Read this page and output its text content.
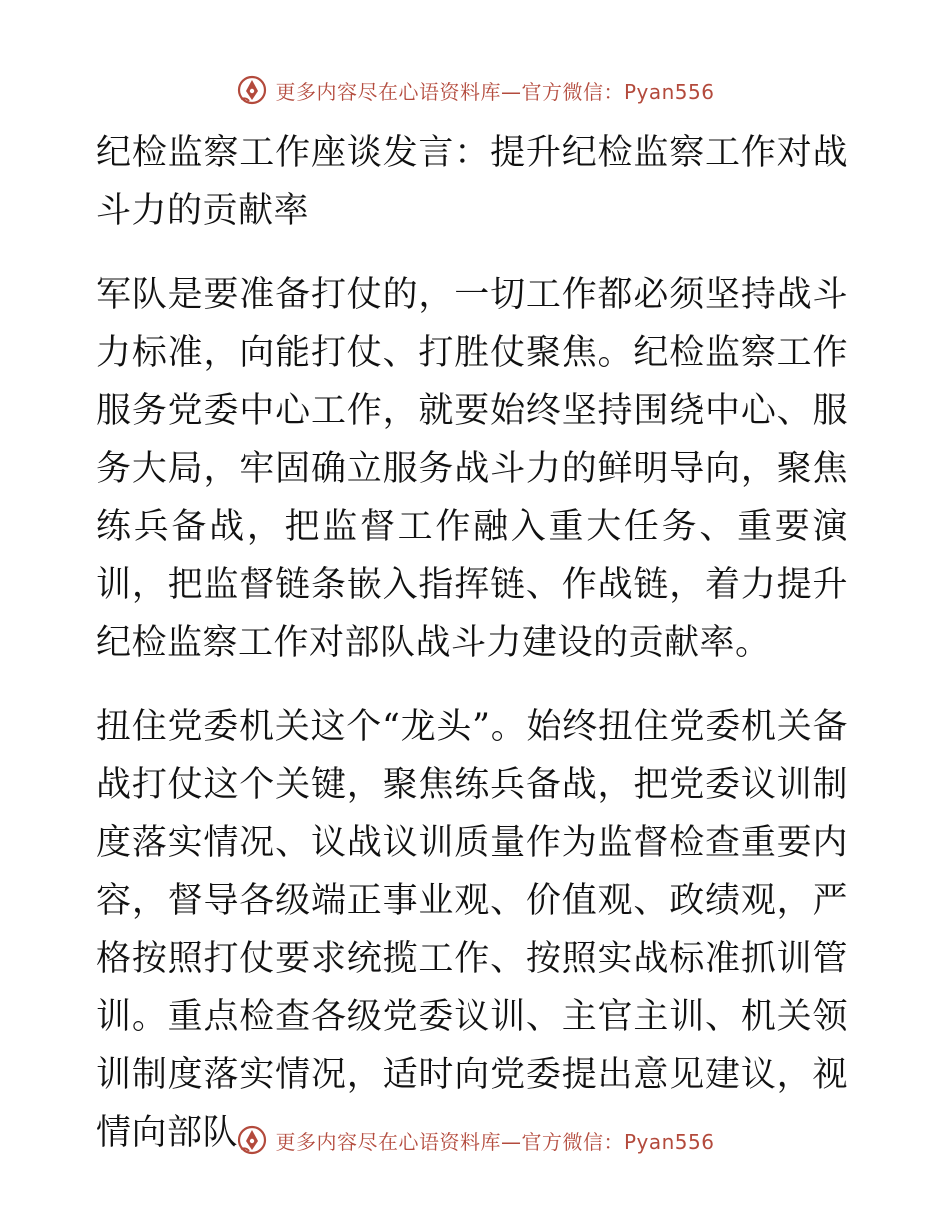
更多内容尽在心语资料库—官方微信：Pyan556

纪检监察工作座谈发言：提升纪检监察工作对战斗力的贡献率

军队是要准备打仗的，一切工作都必须坚持战斗力标准，向能打仗、打胜仗聚焦。纪检监察工作服务党委中心工作，就要始终坚持围绕中心、服务大局，牢固确立服务战斗力的鲜明导向，聚焦练兵备战，把监督工作融入重大任务、重要演训，把监督链条嵌入指挥链、作战链，着力提升纪检监察工作对部队战斗力建设的贡献率。

扭住党委机关这个“龙头”。始终扭住党委机关备战打仗这个关键，聚焦练兵备战，把党委议训制度落实情况、议战议训质量作为监督检查重要内容，督导各级端正事业观、价值观、政绩观，严格按照打仗要求统揽工作、按照实战标准抓训管训。重点检查各级党委议训、主官主训、机关领训制度落实情况，适时向党委提出意见建议，视情向部队	更多内容尽在心语资料库—官方微信：Pyan556
